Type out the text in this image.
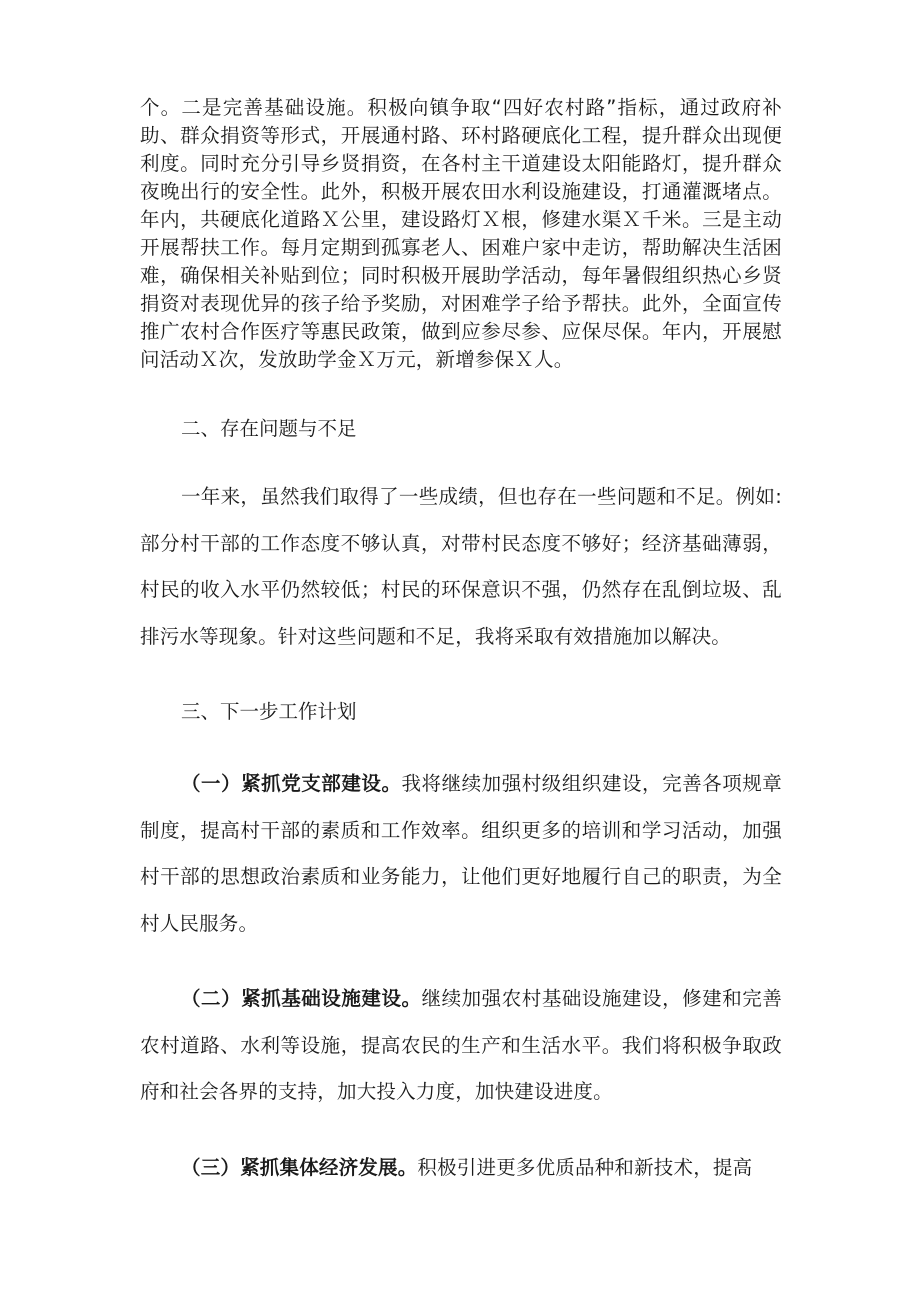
个。二是完善基础设施。积极向镇争取“四好农村路”指标，通过政府补助、群众捐资等形式，开展通村路、环村路硬底化工程，提升群众出现便利度。同时充分引导乡贤捐资，在各村主干道建设太阳能路灯，提升群众夜晚出行的安全性。此外，积极开展农田水利设施建设，打通灌溉堵点。年内，共硬底化道路Ｘ公里，建设路灯Ｘ根，修建水渠Ｘ千米。三是主动开展帮扶工作。每月定期到孤寡老人、困难户家中走访，帮助解决生活困难，确保相关补贴到位；同时积极开展助学活动，每年暑假组织热心乡贤捐资对表现优异的孩子给予奖励，对困难学子给予帮扶。此外，全面宣传推广农村合作医疗等惠民政策，做到应参尽参、应保尽保。年内，开展慰问活动Ｘ次，发放助学金Ｘ万元，新增参保Ｘ人。

二、存在问题与不足

一年来，虽然我们取得了一些成绩，但也存在一些问题和不足。例如:部分村干部的工作态度不够认真，对带村民态度不够好；经济基础薄弱，村民的收入水平仍然较低；村民的环保意识不强，仍然存在乱倒垃圾、乱排污水等现象。针对这些问题和不足，我将采取有效措施加以解决。

三、下一步工作计划

（一）紧抓党支部建设。我将继续加强村级组织建设，完善各项规章制度，提高村干部的素质和工作效率。组织更多的培训和学习活动，加强村干部的思想政治素质和业务能力，让他们更好地履行自己的职责，为全村人民服务。

（二）紧抓基础设施建设。继续加强农村基础设施建设，修建和完善农村道路、水利等设施，提高农民的生产和生活水平。我们将积极争取政府和社会各界的支持，加大投入力度，加快建设进度。

（三）紧抓集体经济发展。积极引进更多优质品种和新技术，提高
